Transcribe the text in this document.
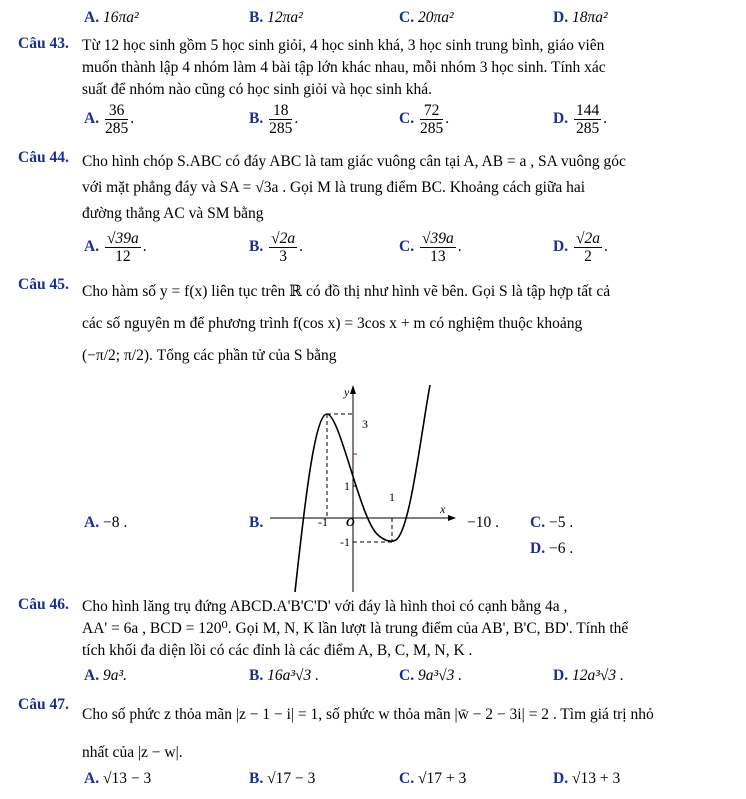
A. 16πa²	B. 12πa²	C. 20πa²	D. 18πa²
Câu 43. Từ 12 học sinh gồm 5 học sinh giỏi, 4 học sinh khá, 3 học sinh trung bình, giáo viên
muốn thành lập 4 nhóm làm 4 bài tập lớn khác nhau, mỗi nhóm 3 học sinh. Tính xác
suất để nhóm nào cũng có học sinh giỏi và học sinh khá.
A. $\frac{36}{285}$ .	B. $\frac{18}{285}$ .	C. $\frac{72}{285}$ .	D. $\frac{144}{285}$ .
Câu 44. Cho hình chóp S.ABC có đáy ABC là tam giác vuông cân tại A, AB = a , SA vuông góc
với mặt phẳng đáy và SA = √3a . Gọi M là trung điểm BC. Khoảng cách giữa hai
đường thẳng AC và SM bằng
A. $\frac{√39a}{12}$ .	B. $\frac{√2a}{3}$ .	C. $\frac{√39a}{13}$ .	D. $\frac{√2a}{2}$ .
Câu 45. Cho hàm số y = f(x) liên tục trên ℝ có đồ thị như hình vẽ bên. Gọi S là tập hợp tất cả
các số nguyên m để phương trình f(cos x) = 3cos x + m có nghiệm thuộc khoảng
(−π/2; π/2). Tổng các phần tử của S bằng
y
x
3
1
1
-1 O
-1
A. −8 .	B.	−10 . C. −5 .
D. −6 .
Câu 46. Cho hình lăng trụ đứng ABCD.A'B'C'D' với đáy là hình thoi có cạnh bằng 4a ,
AA' = 6a , BCD = 120⁰. Gọi M, N, K lần lượt là trung điểm của AB', B'C, BD'. Tính thể
tích khối đa diện lồi có các đỉnh là các điểm A, B, C, M, N, K .
A. 9a³.	B. 16a³√3 .	C. 9a³√3 .	D. 12a³√3 .
Câu 47.
Cho số phức z thỏa mãn |z − 1 − i| = 1, số phức w thỏa mãn |w̄ − 2 − 3i| = 2 . Tìm giá trị nhỏ
nhất của |z − w|.
A. √13 − 3	B. √17 − 3	C. √17 + 3	D. √13 + 3
